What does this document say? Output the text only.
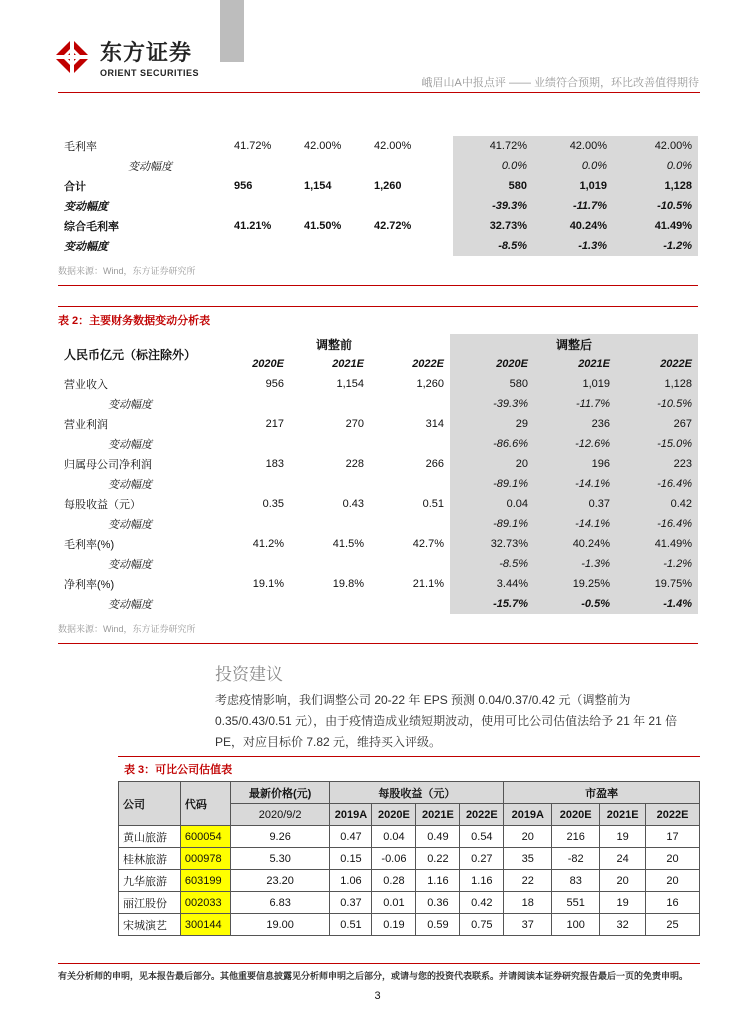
东方证券
ORIENT SECURITIES
峨眉山A中报点评 —— 业绩符合预期，环比改善值得期待
毛利率	41.72%	42.00%	42.00%	41.72%	42.00%	42.00%
变动幅度				0.0%	0.0%	0.0%
合计	956	1,154	1,260	580	1,019	1,128
变动幅度				-39.3%	-11.7%	-10.5%
综合毛利率	41.21%	41.50%	42.72%	32.73%	40.24%	41.49%
变动幅度				-8.5%	-1.3%	-1.2%
数据来源：Wind，东方证券研究所
表 2：主要财务数据变动分析表
人民币亿元（标注除外）	调整前			调整后		
	2020E	2021E	2022E	2020E	2021E	2022E
营业收入	956	1,154	1,260	580	1,019	1,128
变动幅度				-39.3%	-11.7%	-10.5%
营业利润	217	270	314	29	236	267
变动幅度				-86.6%	-12.6%	-15.0%
归属母公司净利润	183	228	266	20	196	223
变动幅度				-89.1%	-14.1%	-16.4%
每股收益（元）	0.35	0.43	0.51	0.04	0.37	0.42
变动幅度				-89.1%	-14.1%	-16.4%
毛利率(%)	41.2%	41.5%	42.7%	32.73%	40.24%	41.49%
变动幅度				-8.5%	-1.3%	-1.2%
净利率(%)	19.1%	19.8%	21.1%	3.44%	19.25%	19.75%
变动幅度				-15.7%	-0.5%	-1.4%
数据来源：Wind，东方证券研究所
投资建议
考虑疫情影响，我们调整公司 20-22 年 EPS 预测 0.04/0.37/0.42 元（调整前为 0.35/0.43/0.51 元），由于疫情造成业绩短期波动，使用可比公司估值法给予 21 年 21 倍 PE，对应目标价 7.82 元，维持买入评级。
表 3：可比公司估值表
公司	代码	最新价格(元)	每股收益（元）				市盈率			
		2020/9/2	2019A	2020E	2021E	2022E	2019A	2020E	2021E	2022E
黄山旅游	600054	9.26	0.47	0.04	0.49	0.54	20	216	19	17
桂林旅游	000978	5.30	0.15	-0.06	0.22	0.27	35	-82	24	20
九华旅游	603199	23.20	1.06	0.28	1.16	1.16	22	83	20	20
丽江股份	002033	6.83	0.37	0.01	0.36	0.42	18	551	19	16
宋城演艺	300144	19.00	0.51	0.19	0.59	0.75	37	100	32	25
有关分析师的申明，见本报告最后部分。其他重要信息披露见分析师申明之后部分，或请与您的投资代表联系。并请阅读本证券研究报告最后一页的免责申明。
3
